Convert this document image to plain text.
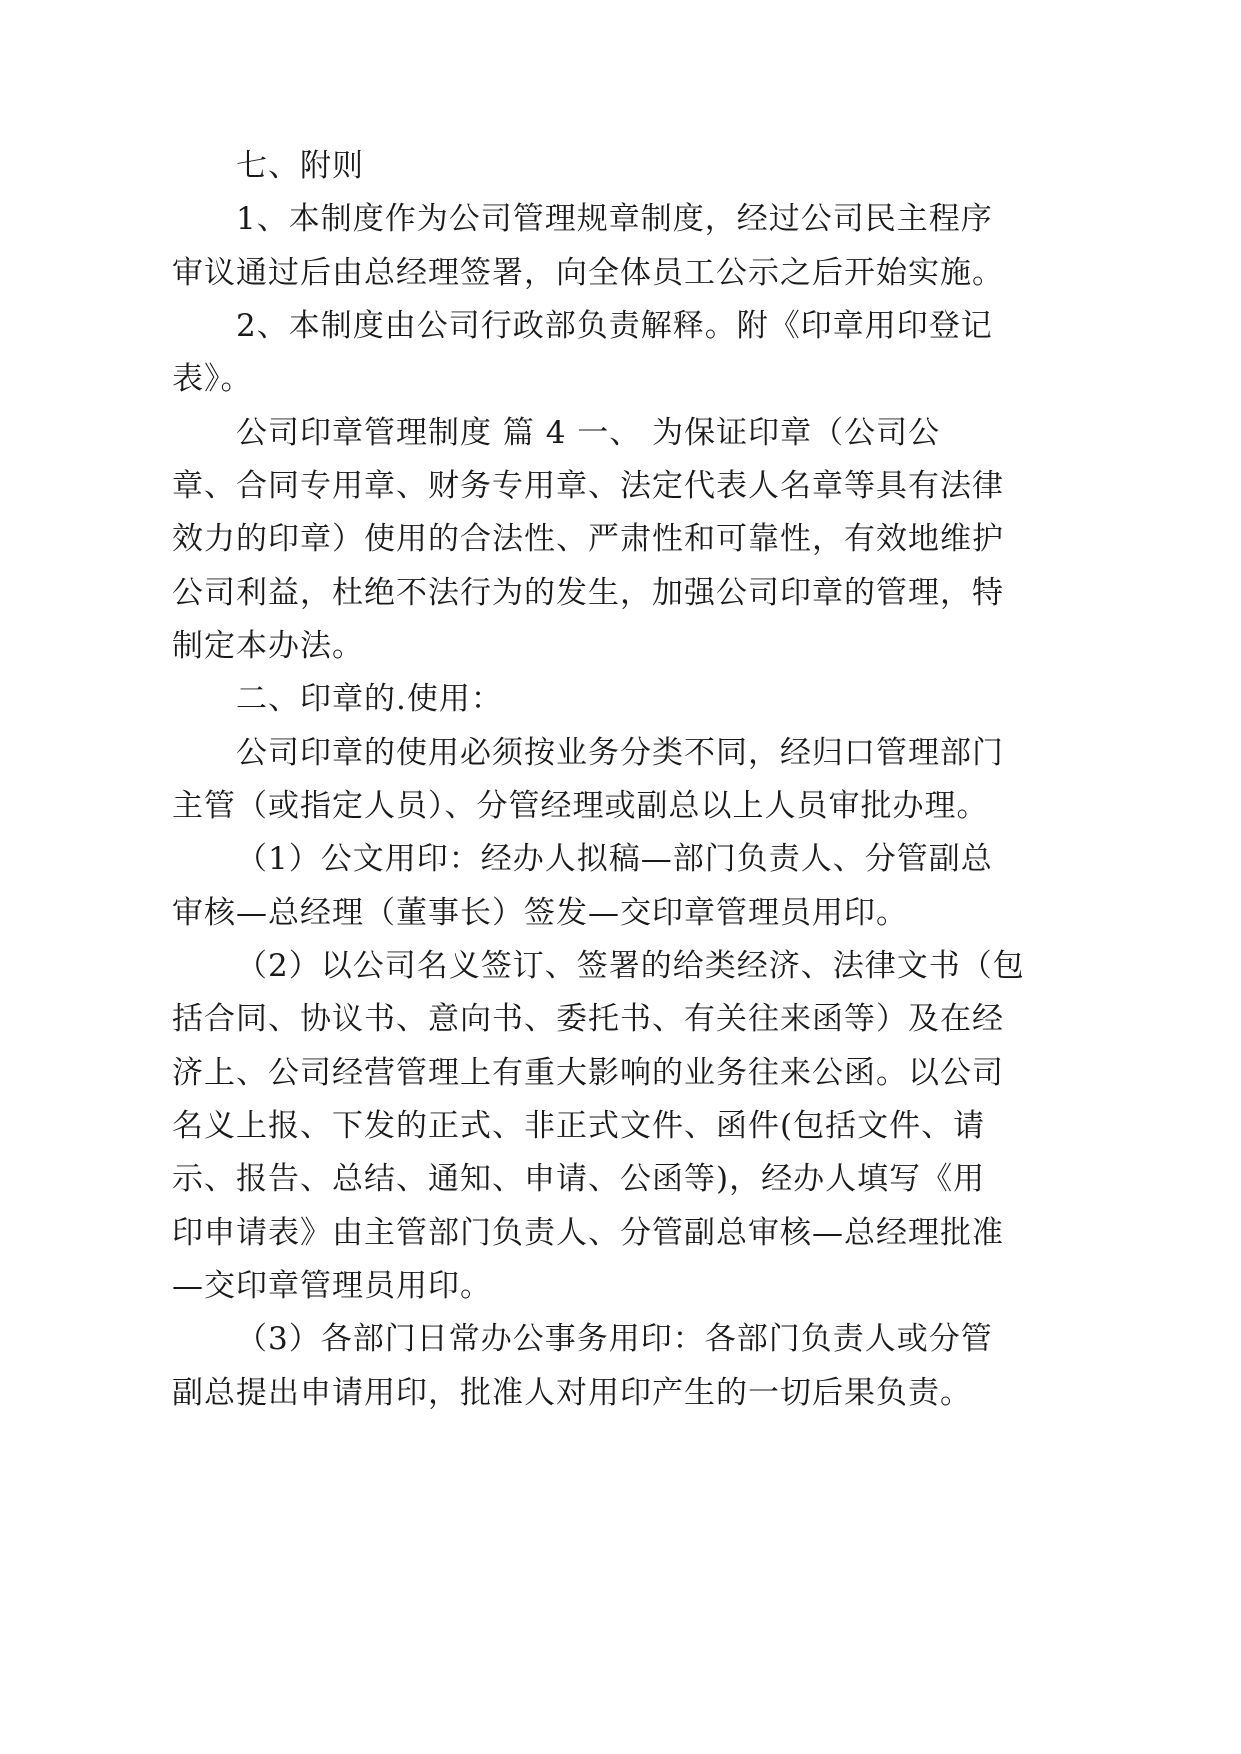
七、附则
1、本制度作为公司管理规章制度，经过公司民主程序
审议通过后由总经理签署，向全体员工公示之后开始实施。
2、本制度由公司行政部负责解释。附《印章用印登记
表》。
公司印章管理制度 篇 4 一、 为保证印章（公司公
章、合同专用章、财务专用章、法定代表人名章等具有法律
效力的印章）使用的合法性、严肃性和可靠性，有效地维护
公司利益，杜绝不法行为的发生，加强公司印章的管理，特
制定本办法。
二、印章的.使用：
公司印章的使用必须按业务分类不同，经归口管理部门
主管（或指定人员）、分管经理或副总以上人员审批办理。
（1）公文用印：经办人拟稿—部门负责人、分管副总
审核—总经理（董事长）签发—交印章管理员用印。
（2）以公司名义签订、签署的给类经济、法律文书（包
括合同、协议书、意向书、委托书、有关往来函等）及在经
济上、公司经营管理上有重大影响的业务往来公函。以公司
名义上报、下发的正式、非正式文件、函件(包括文件、请
示、报告、总结、通知、申请、公函等)，经办人填写《用
印申请表》由主管部门负责人、分管副总审核—总经理批准
—交印章管理员用印。
（3）各部门日常办公事务用印：各部门负责人或分管
副总提出申请用印，批准人对用印产生的一切后果负责。
